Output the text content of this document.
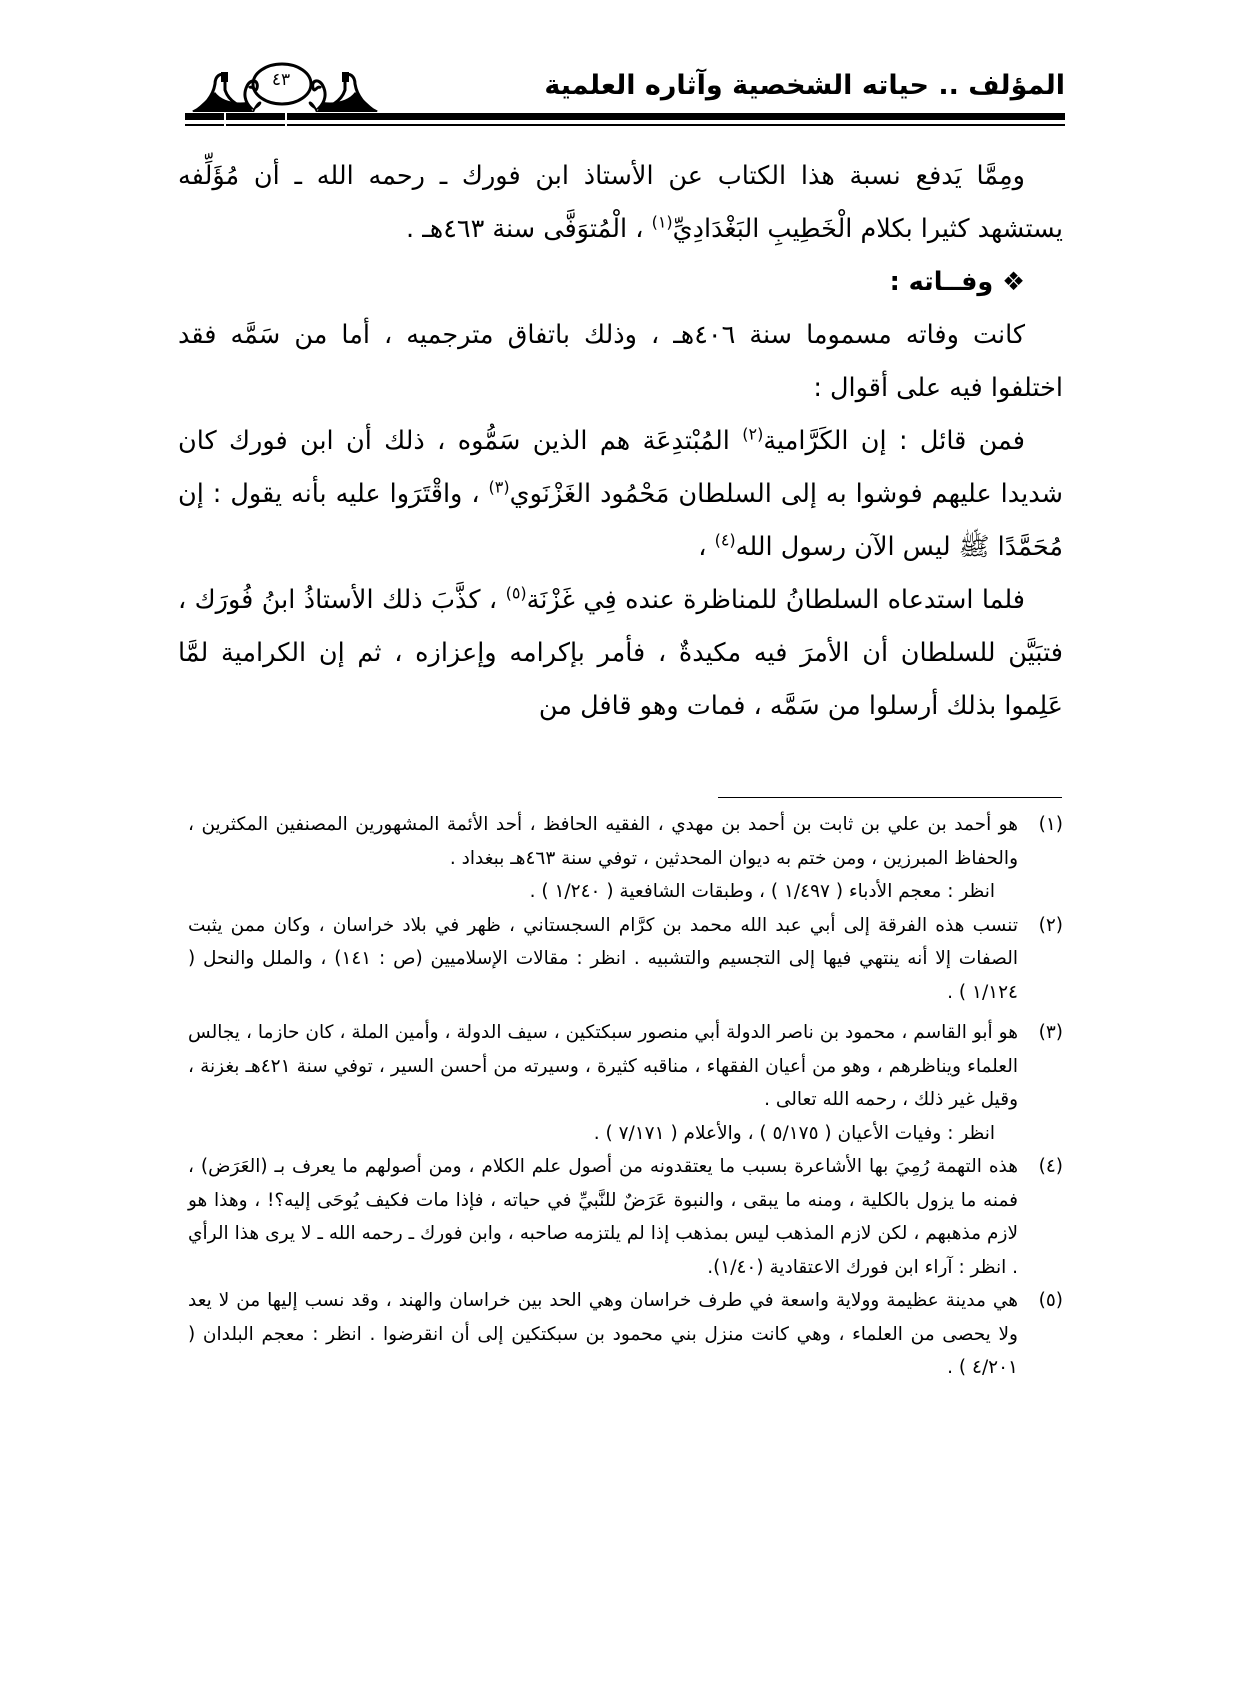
٤٣	المؤلف .. حياته الشخصية وآثاره العلمية

ومِمَّا يَدفع نسبة هذا الكتاب عن الأستاذ ابن فورك ـ رحمه الله ـ أن مُؤَلِّفه يستشهد كثيرا بكلام الْخَطِيبِ البَغْدَادِيِّ$^{(١)}$ ، الْمُتوَفَّى سنة ٤٦٣هـ .

❖ وفــاته :

كانت وفاته مسموما سنة ٤٠٦هـ ، وذلك باتفاق مترجميه ، أما من سَمَّه فقد اختلفوا فيه على أقوال :

فمن قائل : إن الكَرَّامية$^{(٢)}$ المُبْتدِعَة هم الذين سَمُّوه ، ذلك أن ابن فورك كان شديدا عليهم فوشوا به إلى السلطان مَحْمُود الغَزْنَوي$^{(٣)}$ ، واقْتَرَوا عليه بأنه يقول : إن مُحَمَّدًا ﷺ ليس الآن رسول الله$^{(٤)}$ ،

فلما استدعاه السلطانُ للمناظرة عنده فِي غَزْنَة$^{(٥)}$ ، كذَّبَ ذلك الأستاذُ ابنُ فُورَك ، فتبَيَّن للسلطان أن الأمرَ فيه مكيدةٌ ، فأمر بإكرامه وإعزازه ، ثم إن الكرامية لمَّا عَلِموا بذلك أرسلوا من سَمَّه ، فمات وهو قافل من

(١)
هو أحمد بن علي بن ثابت بن أحمد بن مهدي ، الفقيه الحافظ ، أحد الأئمة المشهورين المصنفين المكثرين ، والحفاظ المبرزين ، ومن ختم به ديوان المحدثين ، توفي سنة ٤٦٣هـ ببغداد .

انظر : معجم الأدباء ( ١/٤٩٧ ) ، وطبقات الشافعية ( ١/٢٤٠ ) .

(٢)
تنسب هذه الفرقة إلى أبي عبد الله محمد بن كرَّام السجستاني ، ظهر في بلاد خراسان ، وكان ممن يثبت الصفات إلا أنه ينتهي فيها إلى التجسيم والتشبيه . انظر : مقالات الإسلاميين (ص : ١٤١) ، والملل والنحل ( ١/١٢٤ ) .
(٣)
هو أبو القاسم ، محمود بن ناصر الدولة أبي منصور سبكتكين ، سيف الدولة ، وأمين الملة ، كان حازما ، يجالس العلماء ويناظرهم ، وهو من أعيان الفقهاء ، مناقبه كثيرة ، وسيرته من أحسن السير ، توفي سنة ٤٢١هـ بغزنة ، وقيل غير ذلك ، رحمه الله تعالى .

انظر : وفيات الأعيان ( ٥/١٧٥ ) ، والأعلام ( ٧/١٧١ ) .

(٤)
هذه التهمة رُمِيَ بها الأشاعرة بسبب ما يعتقدونه من أصول علم الكلام ، ومن أصولهم ما يعرف بـ (العَرَض) ، فمنه ما يزول بالكلية ، ومنه ما يبقى ، والنبوة عَرَضٌ للنَّبيِّ في حياته ، فإذا مات فكيف يُوحَى إليه؟! ، وهذا هو لازم مذهبهم ، لكن لازم المذهب ليس بمذهب إذا لم يلتزمه صاحبه ، وابن فورك ـ رحمه الله ـ لا يرى هذا الرأي . انظر : آراء ابن فورك الاعتقادية (١/٤٠).
(٥)
هي مدينة عظيمة وولاية واسعة في طرف خراسان وهي الحد بين خراسان والهند ، وقد نسب إليها من لا يعد ولا يحصى من العلماء ، وهي كانت منزل بني محمود بن سبكتكين إلى أن انقرضوا . انظر : معجم البلدان ( ٤/٢٠١ ) .
